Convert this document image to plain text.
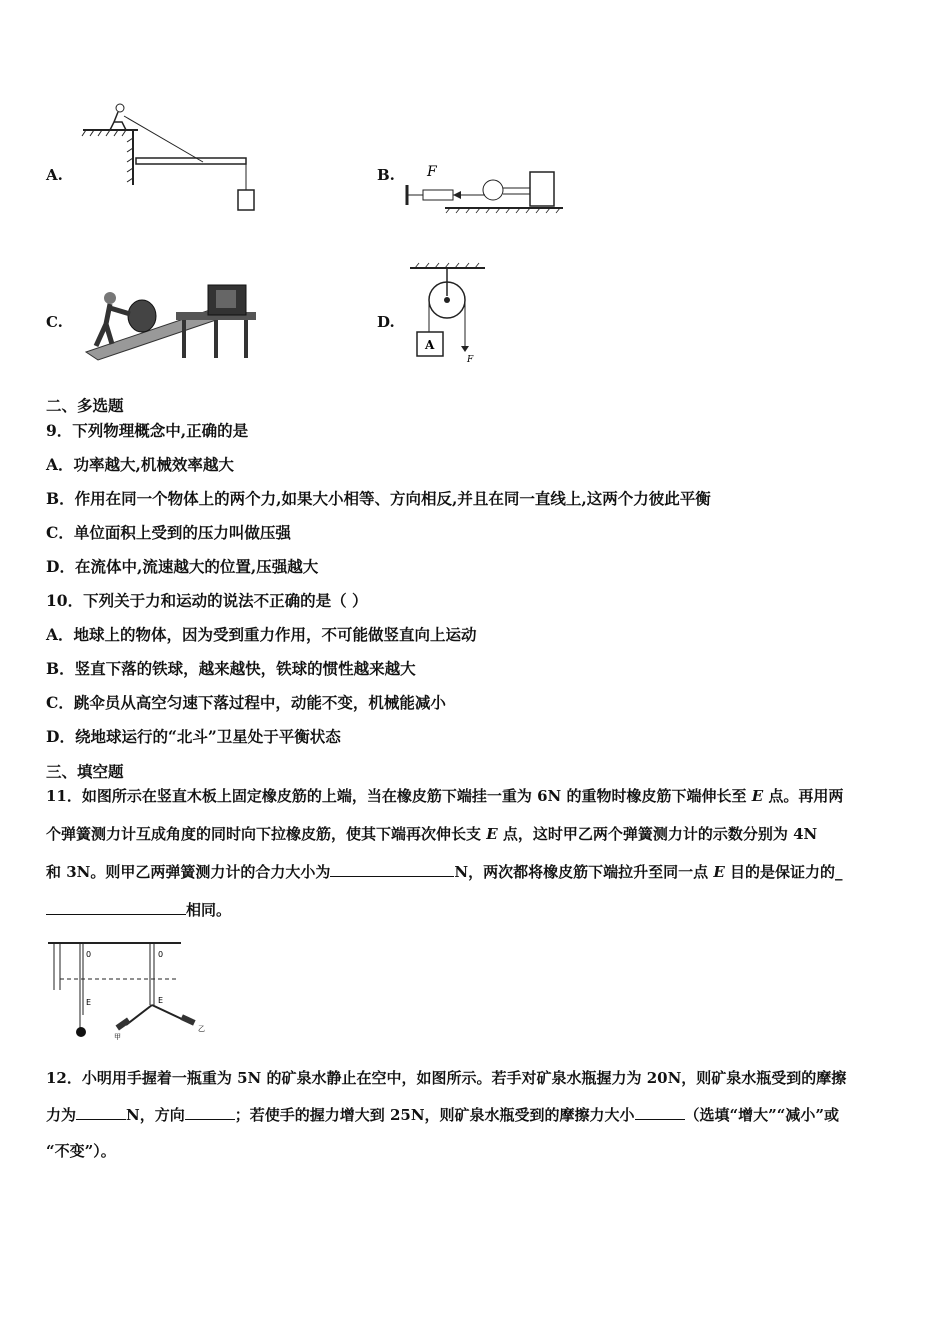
A.	B. F
C.	D.
A
F
二、多选题
9．下列物理概念中,正确的是
A．功率越大,机械效率越大
B．作用在同一个物体上的两个力,如果大小相等、方向相反,并且在同一直线上,这两个力彼此平衡
C．单位面积上受到的压力叫做压强
D．在流体中,流速越大的位置,压强越大
10．下列关于力和运动的说法不正确的是（ ）
A．地球上的物体，因为受到重力作用，不可能做竖直向上运动
B．竖直下落的铁球，越来越快，铁球的惯性越来越大
C．跳伞员从高空匀速下落过程中，动能不变，机械能减小
D．绕地球运行的“北斗”卫星处于平衡状态
三、填空题
11．如图所示在竖直木板上固定橡皮筋的上端，当在橡皮筋下端挂一重为 6N 的重物时橡皮筋下端伸长至 E 点。再用两
个弹簧测力计互成角度的同时向下拉橡皮筋，使其下端再次伸长支 E 点，这时甲乙两个弹簧测力计的示数分别为 4N
和 3N。则甲乙两弹簧测力计的合力大小为	N，两次都将橡皮筋下端拉升至同一点 E 目的是保证力的_
相同。
0
E
0
E
甲
乙
12．小明用手握着一瓶重为 5N 的矿泉水静止在空中，如图所示。若手对矿泉水瓶握力为 20N，则矿泉水瓶受到的摩擦
力为	N，方向	；若使手的握力增大到 25N，则矿泉水瓶受到的摩擦力大小	（选填“增大”“减小”或
“不变”）。
